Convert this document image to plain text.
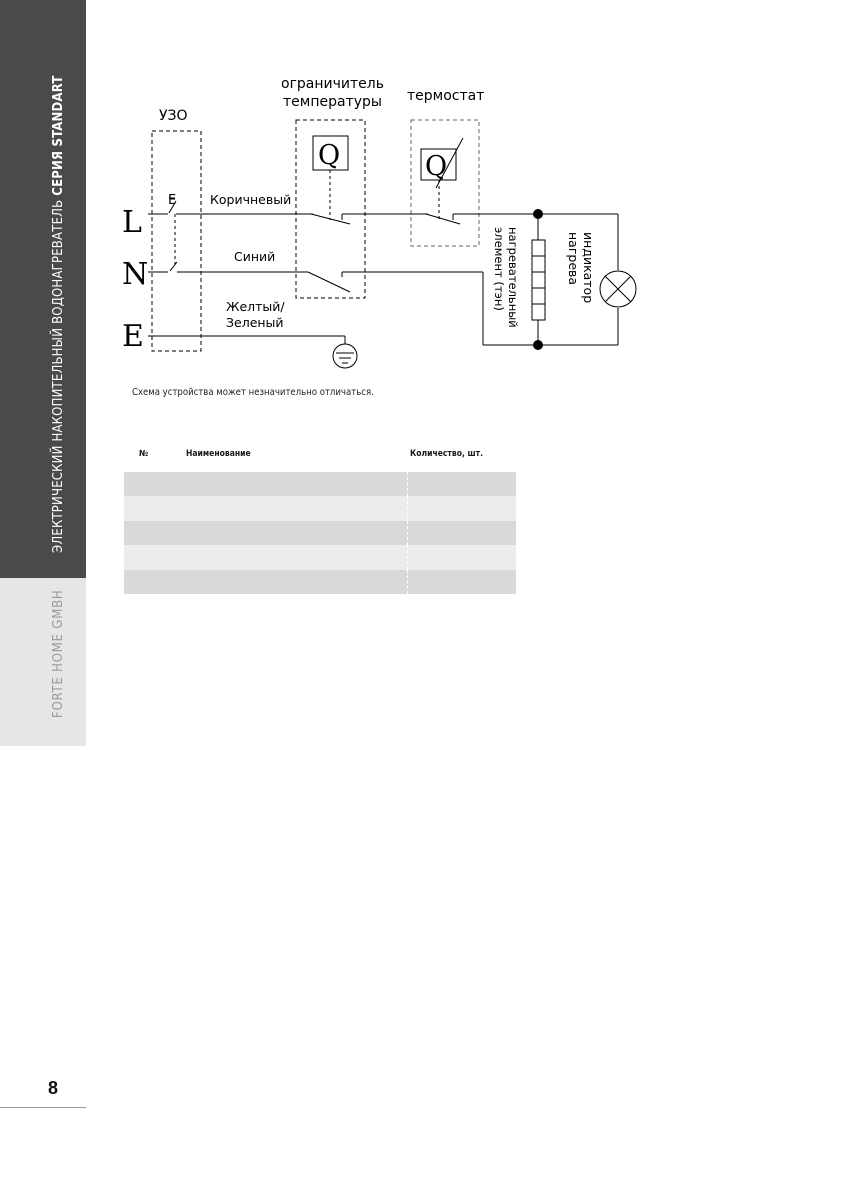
ЭЛЕКТРИЧЕСКИЙ НАКОПИТЕЛЬНЫЙ ВОДОНАГРЕВАТЕЛЬ СЕРИЯ STANDART
FORTE HOME GMBH
УЗО
ограничитель
температуры термостат
Q	Q
L
N
E
E	Коричневый
Синий
Желтый/
Зеленый	нагревательный
элемент (тэн)	индикатор
нагрева
Схема устройства может незначительно отличаться.
№	Наименование	Количество, шт.
8
